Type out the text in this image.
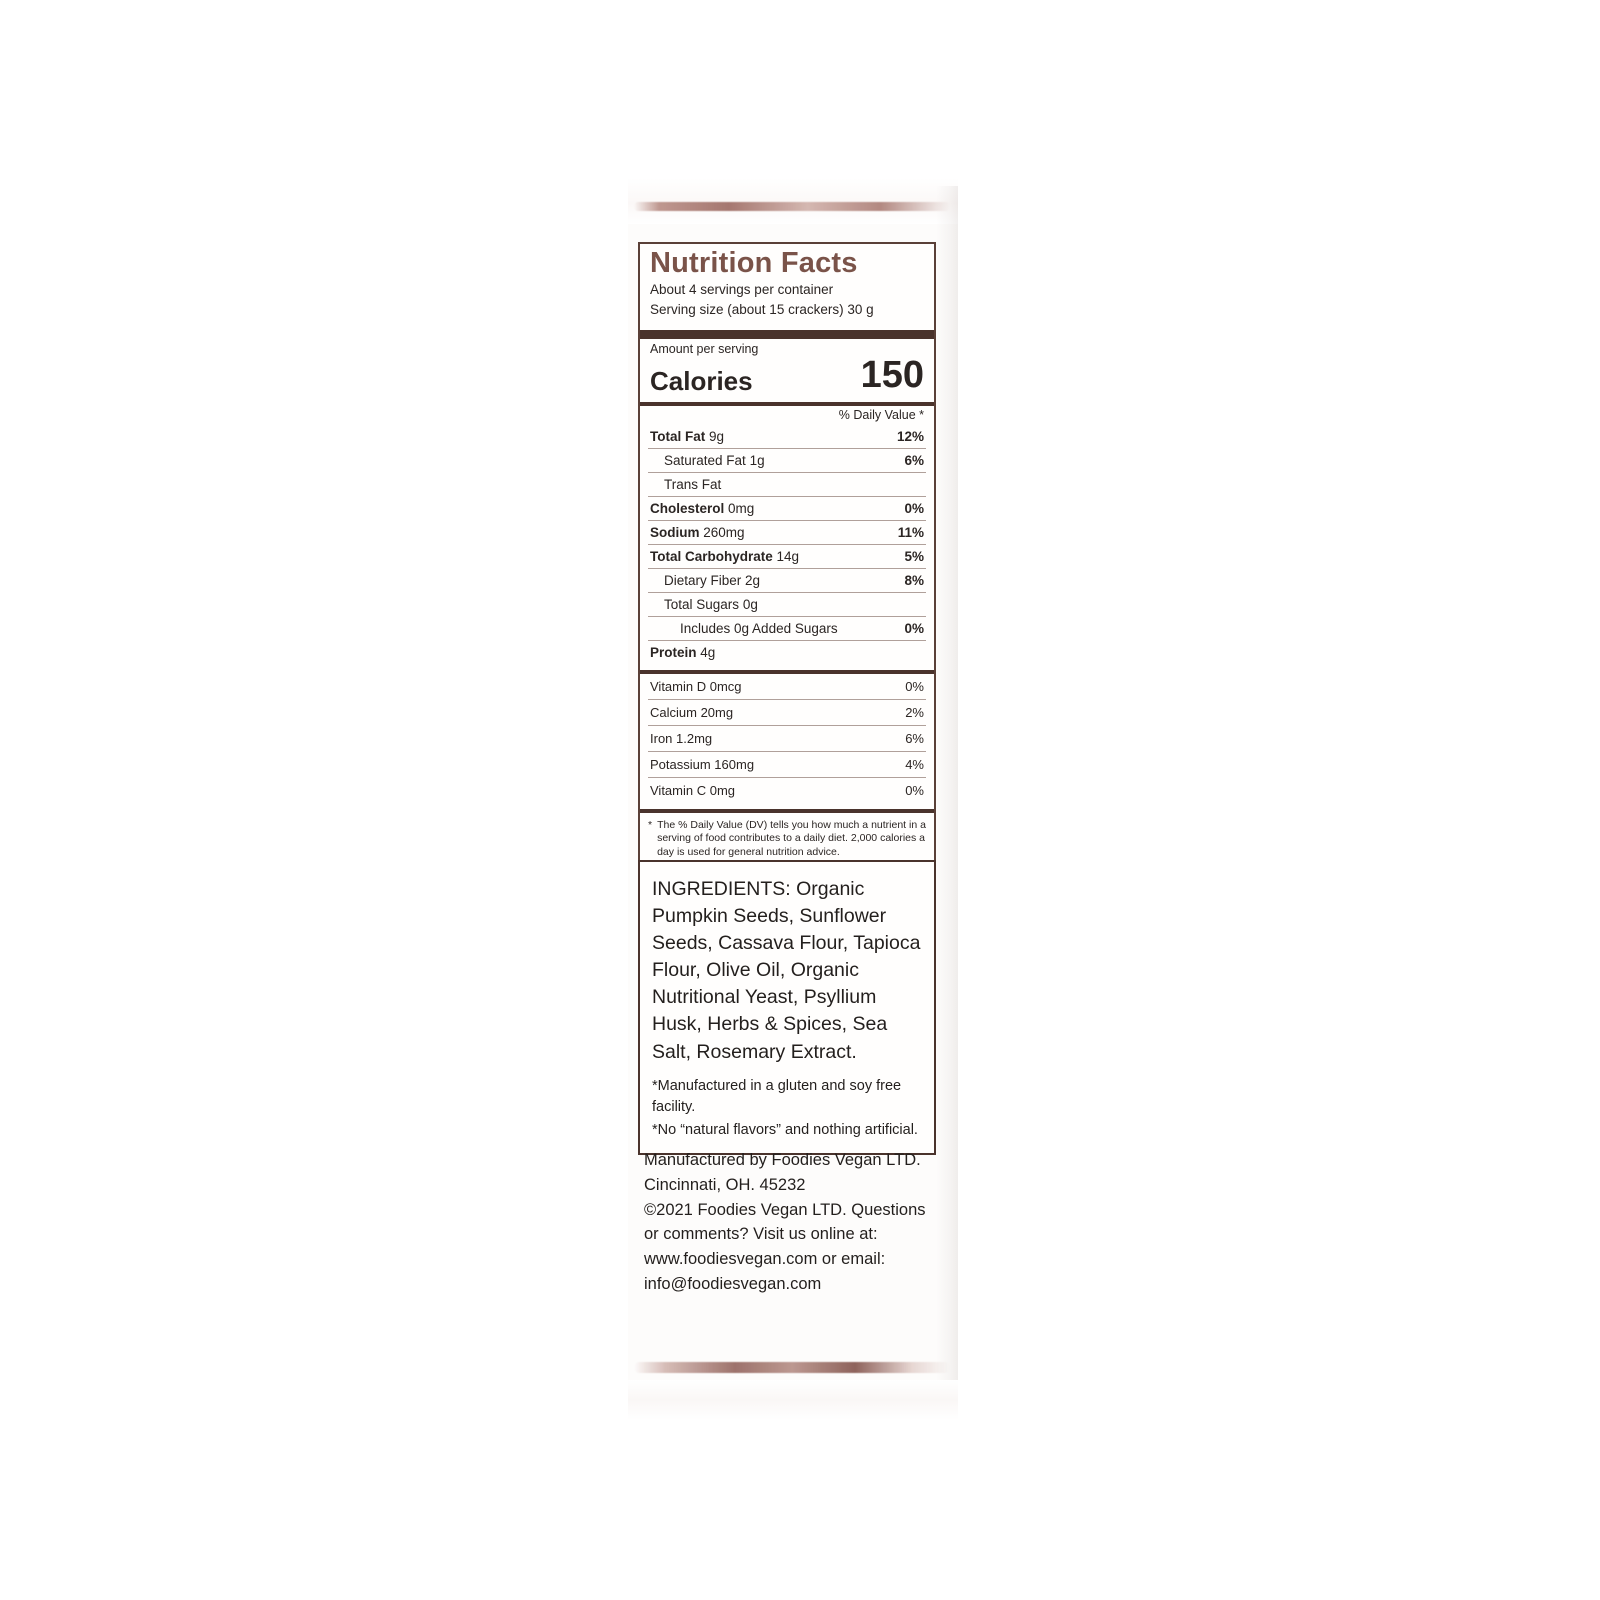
Nutrition Facts
About 4 servings per container
Serving size (about 15 crackers) 30 g
Amount per serving
Calories	150
% Daily Value *
Total Fat 9g	12%
Saturated Fat 1g	6%
Trans Fat	
Cholesterol 0mg	0%
Sodium 260mg	11%
Total Carbohydrate 14g	5%
Dietary Fiber 2g	8%
Total Sugars 0g	
Includes 0g Added Sugars	0%
Protein 4g	
Vitamin D 0mcg	0%
Calcium 20mg	2%
Iron 1.2mg	6%
Potassium 160mg	4%
Vitamin C 0mg	0%
* The % Daily Value (DV) tells you how much a nutrient in a serving of food contributes to a daily diet. 2,000 calories a day is used for general nutrition advice.
INGREDIENTS: Organic Pumpkin Seeds, Sunflower Seeds, Cassava Flour, Tapioca Flour, Olive Oil, Organic Nutritional Yeast, Psyllium Husk, Herbs & Spices, Sea Salt, Rosemary Extract.
*Manufactured in a gluten and soy free facility.
*No “natural flavors” and nothing artificial.
Manufactured by Foodies Vegan LTD.
Cincinnati, OH. 45232
©2021 Foodies Vegan LTD. Questions
or comments? Visit us online at:
www.foodiesvegan.com or email:
info@foodiesvegan.com
